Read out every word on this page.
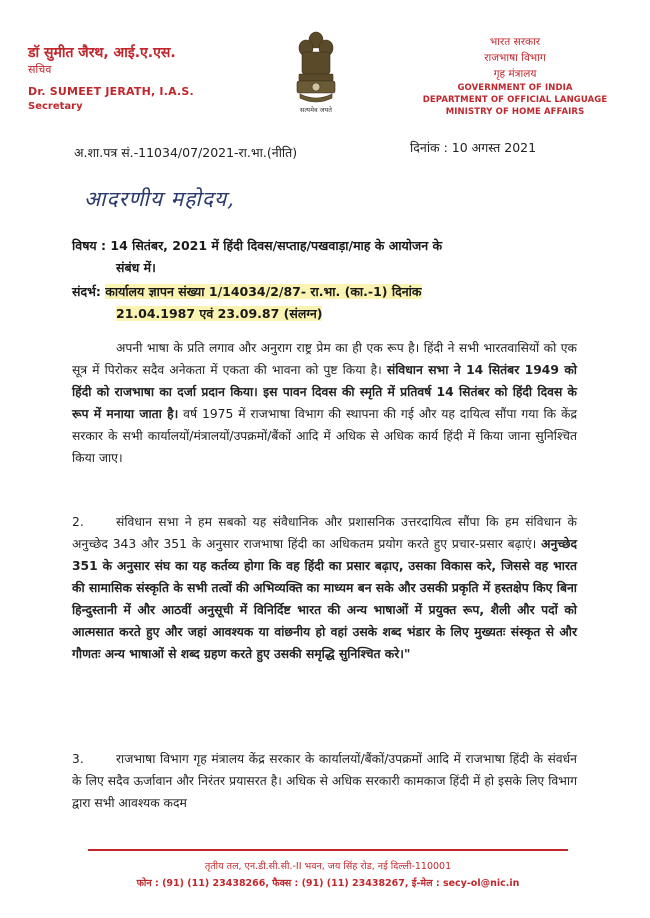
डॉ सुमीत जैरथ, आई.ए.एस.
सचिव
Dr. SUMEET JERATH, I.A.S.
Secretary	सत्यमेव जयते
भारत सरकार
राजभाषा विभाग
गृह मंत्रालय
GOVERNMENT OF INDIA
DEPARTMENT OF OFFICIAL LANGUAGE
MINISTRY OF HOME AFFAIRS
अ.शा.पत्र सं.-11034/07/2021-रा.भा.(नीति)	दिनांक : 10 अगस्त 2021
आदरणीय महोदय,
विषय : 14 सितंबर, 2021 में हिंदी दिवस/सप्ताह/पखवाड़ा/माह के आयोजन के
संबंध में।
संदर्भ: कार्यालय ज्ञापन संख्या 1/14034/2/87- रा.भा. (का.-1) दिनांक
21.04.1987 एवं 23.09.87 (संलग्न)
अपनी भाषा के प्रति लगाव और अनुराग राष्ट्र प्रेम का ही एक रूप है। हिंदी ने सभी भारतवासियों को एक सूत्र में पिरोकर सदैव अनेकता में एकता की भावना को पुष्ट किया है। संविधान सभा ने 14 सितंबर 1949 को हिंदी को राजभाषा का दर्जा प्रदान किया। इस पावन दिवस की स्मृति में प्रतिवर्ष 14 सितंबर को हिंदी दिवस के रूप में मनाया जाता है। वर्ष 1975 में राजभाषा विभाग की स्थापना की गई और यह दायित्व सौंपा गया कि केंद्र सरकार के सभी कार्यालयों/मंत्रालयों/उपक्रमों/बैंकों आदि में अधिक से अधिक कार्य हिंदी में किया जाना सुनिश्चित किया जाए।
2.	संविधान सभा ने हम सबको यह संवैधानिक और प्रशासनिक उत्तरदायित्व सौंपा कि हम संविधान के अनुच्छेद 343 और 351 के अनुसार राजभाषा हिंदी का अधिकतम प्रयोग करते हुए प्रचार-प्रसार बढ़ाएं। अनुच्छेद 351 के अनुसार संघ का यह कर्तव्य होगा कि वह हिंदी का प्रसार बढ़ाए, उसका विकास करे, जिससे वह भारत की सामासिक संस्कृति के सभी तत्वों की अभिव्यक्ति का माध्यम बन सके और उसकी प्रकृति में हस्तक्षेप किए बिना हिन्दुस्तानी में और आठवीं अनुसूची में विनिर्दिष्ट भारत की अन्य भाषाओं में प्रयुक्त रूप, शैली और पदों को आत्मसात करते हुए और जहां आवश्यक या वांछनीय हो वहां उसके शब्द भंडार के लिए मुख्यतः संस्कृत से और गौणतः अन्य भाषाओं से शब्द ग्रहण करते हुए उसकी समृद्धि सुनिश्चित करे।"
3.	राजभाषा विभाग गृह मंत्रालय केंद्र सरकार के कार्यालयों/बैंकों/उपक्रमों आदि में राजभाषा हिंदी के संवर्धन के लिए सदैव ऊर्जावान और निरंतर प्रयासरत है। अधिक से अधिक सरकारी कामकाज हिंदी में हो इसके लिए विभाग द्वारा सभी आवश्यक कदम
तृतीय तल, एन.डी.सी.सी.-II भवन, जय सिंह रोड, नई दिल्ली-110001
फोन : (91) (11) 23438266, फैक्स : (91) (11) 23438267, ई-मेल : secy-ol@nic.in
